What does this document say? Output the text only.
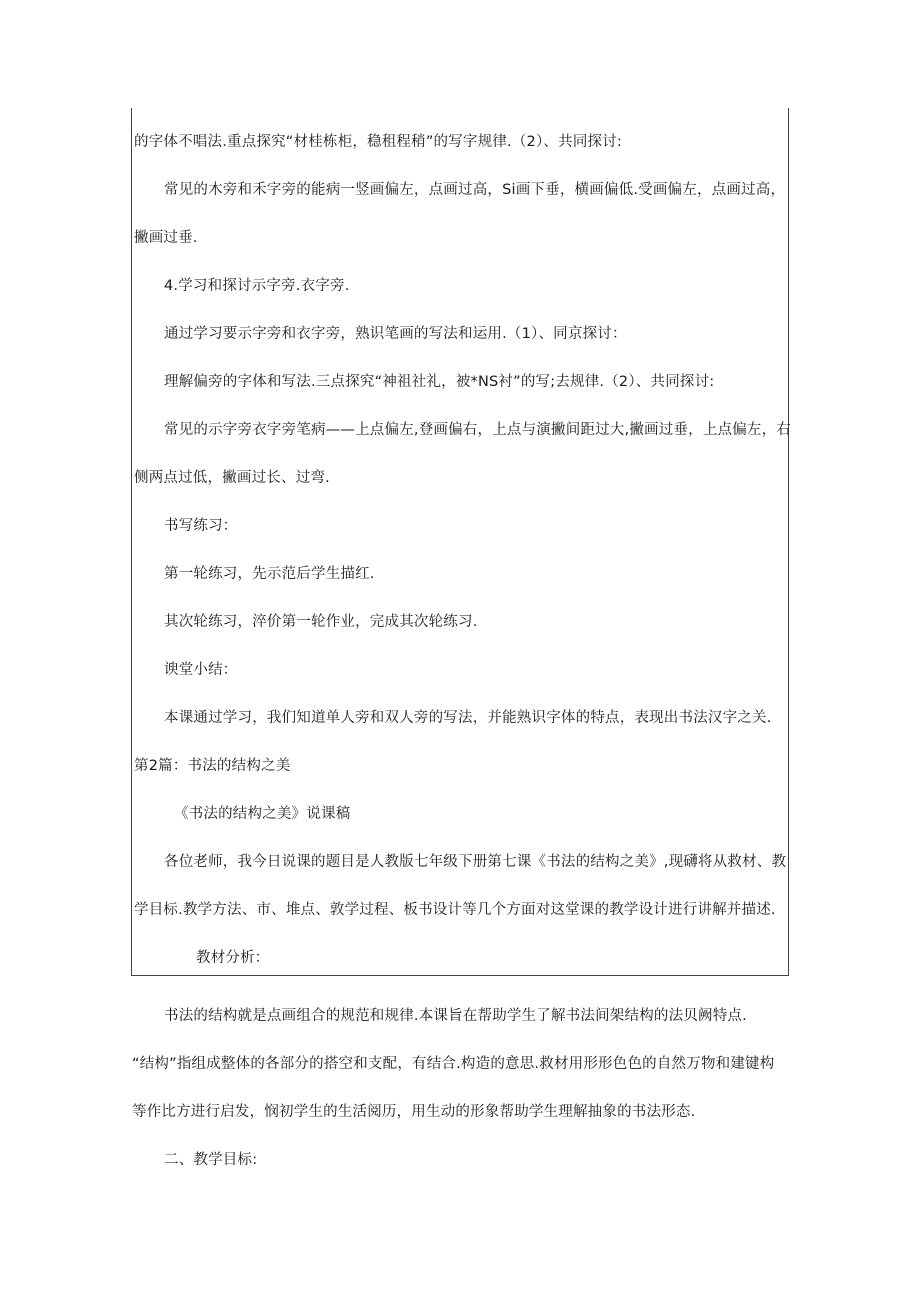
的字体不唱法.重点探究“材桂栋柜，稳租程稍”的写字规律.（2）、共同探讨:
常见的木旁和禾字旁的能病一竖画偏左，点画过高，Si画下垂，横画偏低.受画偏左，点画过高，
撇画过垂.
4.学习和探讨示字旁.衣字旁.
通过学习要示字旁和衣字旁，熟识笔画的写法和运用.（1）、同京探讨：
理解偏旁的字体和写法.三点探究“神祖社礼，被*NS衬”的写;去规律.（2）、共同探讨:
常见的示字旁衣字旁笔病——上点偏左,登画偏右，上点与演撇间距过大,撇画过垂，上点偏左，右
侧两点过低，撇画过长、过弯.
书写练习：
第一轮练习，先示范后学生描红.
其次轮练习，淬价第一轮作业，完成其次轮练习.
谀堂小结：
本课通过学习，我们知道单人旁和双人旁的写法，并能熟识字体的特点，表现出书法汉字之关.
第2篇：书法的结构之美
《书法的结构之美》说课稿
各位老师，我今日说课的题目是人教版七年级下册第七课《书法的结构之美》,现礴将从救材、教
学目标.教学方法、市、堆点、敦学过程、板书设计等几个方面对这堂课的教学设计进行讲解并描述.
教材分析：
书法的结构就是点画组合的规范和规律.本课旨在帮助学生了解书法间架结构的法贝阙特点.
“结构”指组成整体的各部分的搭空和支配，有结合.构造的意思.救材用形形色色的自然万物和建键构
等作比方进行启发，悯初学生的生活阅历，用生动的形象帮助学生理解抽象的书法形态.
二、教学目标:
